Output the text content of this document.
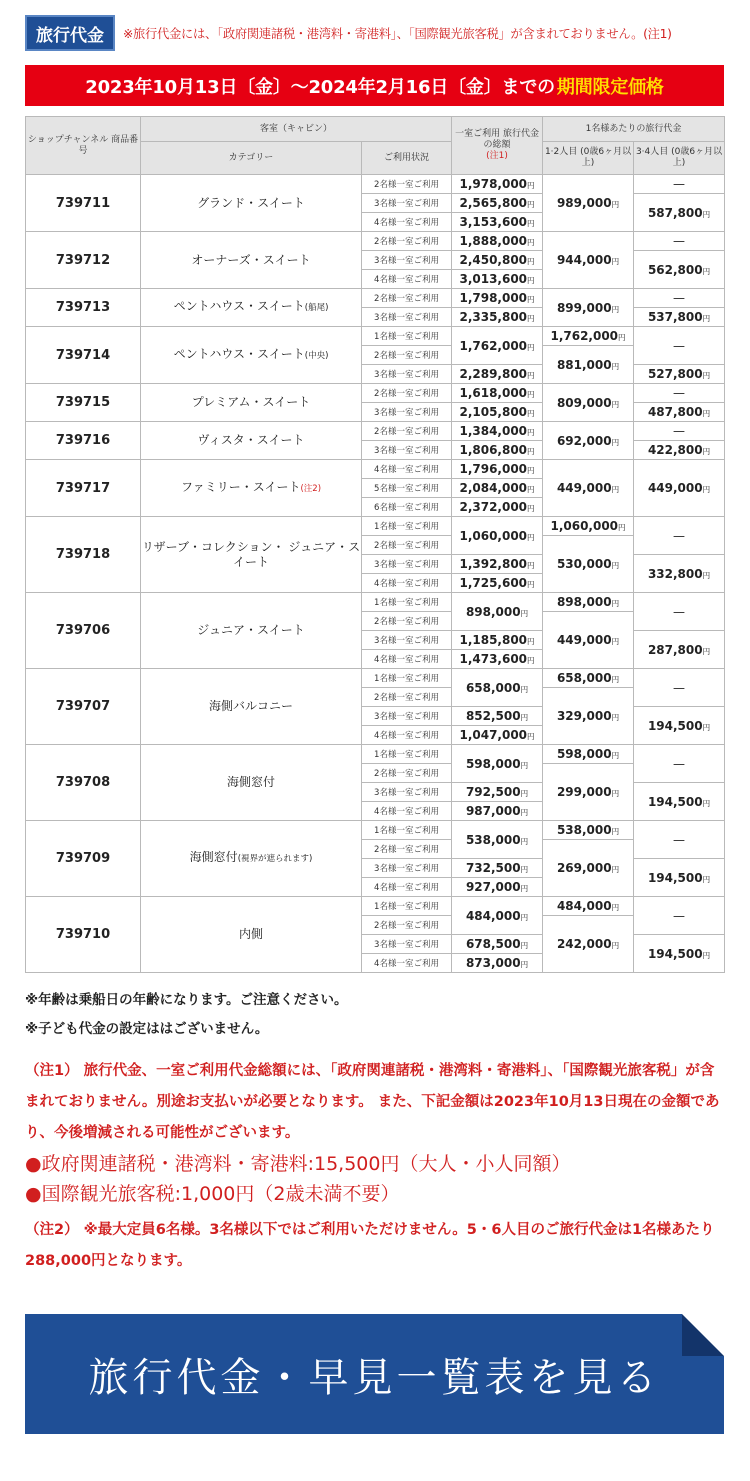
旅行代金	※旅行代金には、「政府関連諸税・港湾料・寄港料」、「国際観光旅客税」が含まれておりません。(注1)
2023年10月13日〔金〕〜2024年2月16日〔金〕までの 期間限定価格
ショップチャンネル 商品番号	客室（キャビン）		一室ご利用 旅行代金の総額
(注1)	1名様あたりの旅行代金	
	カテゴリー	ご利用状況		1·2人目 (0歳6ヶ月以上)	3·4人目 (0歳6ヶ月以上)
739711	グランド・スイート	2名様一室ご利用	1,978,000円	989,000円	—
		3名様一室ご利用	2,565,800円		587,800円
		4名様一室ご利用	3,153,600円		
739712	オーナーズ・スイート	2名様一室ご利用	1,888,000円	944,000円	—
		3名様一室ご利用	2,450,800円		562,800円
		4名様一室ご利用	3,013,600円		
739713	ペントハウス・スイート(船尾)	2名様一室ご利用	1,798,000円	899,000円	—
		3名様一室ご利用	2,335,800円		537,800円
739714	ペントハウス・スイート(中央)	1名様一室ご利用	1,762,000円	1,762,000円	—
		2名様一室ご利用		881,000円	
		3名様一室ご利用	2,289,800円		527,800円
739715	プレミアム・スイート	2名様一室ご利用	1,618,000円	809,000円	—
		3名様一室ご利用	2,105,800円		487,800円
739716	ヴィスタ・スイート	2名様一室ご利用	1,384,000円	692,000円	—
		3名様一室ご利用	1,806,800円		422,800円
739717	ファミリー・スイート(注2)	4名様一室ご利用	1,796,000円	449,000円	449,000円
		5名様一室ご利用	2,084,000円		
		6名様一室ご利用	2,372,000円		
739718	リザーブ・コレクション・ ジュニア・スイート	1名様一室ご利用	1,060,000円	1,060,000円	—
		2名様一室ご利用		530,000円	
		3名様一室ご利用	1,392,800円		332,800円
		4名様一室ご利用	1,725,600円		
739706	ジュニア・スイート	1名様一室ご利用	898,000円	898,000円	—
		2名様一室ご利用		449,000円	
		3名様一室ご利用	1,185,800円		287,800円
		4名様一室ご利用	1,473,600円		
739707	海側バルコニー	1名様一室ご利用	658,000円	658,000円	—
		2名様一室ご利用		329,000円	
		3名様一室ご利用	852,500円		194,500円
		4名様一室ご利用	1,047,000円		
739708	海側窓付	1名様一室ご利用	598,000円	598,000円	—
		2名様一室ご利用		299,000円	
		3名様一室ご利用	792,500円		194,500円
		4名様一室ご利用	987,000円		
739709	海側窓付(視界が遮られます)	1名様一室ご利用	538,000円	538,000円	—
		2名様一室ご利用		269,000円	
		3名様一室ご利用	732,500円		194,500円
		4名様一室ご利用	927,000円		
739710	内側	1名様一室ご利用	484,000円	484,000円	—
		2名様一室ご利用		242,000円	
		3名様一室ご利用	678,500円		194,500円
		4名様一室ご利用	873,000円		
※年齢は乗船日の年齢になります。ご注意ください。
※子ども代金の設定ははございません。
（注1） 旅行代金、一室ご利用代金総額には、「政府関連諸税・港湾料・寄港料」、「国際観光旅客税」が含まれておりません。別途お支払いが必要となります。 また、下記金額は2023年10月13日現在の金額であり、今後増減される可能性がございます。
●政府関連諸税・港湾料・寄港料:15,500円（大人・小人同額）
●国際観光旅客税:1,000円（2歳未満不要）
（注2） ※最大定員6名様。3名様以下ではご利用いただけません。5・6人目のご旅行代金は1名様あたり288,000円となります。
旅行代金・早見一覧表を見る
